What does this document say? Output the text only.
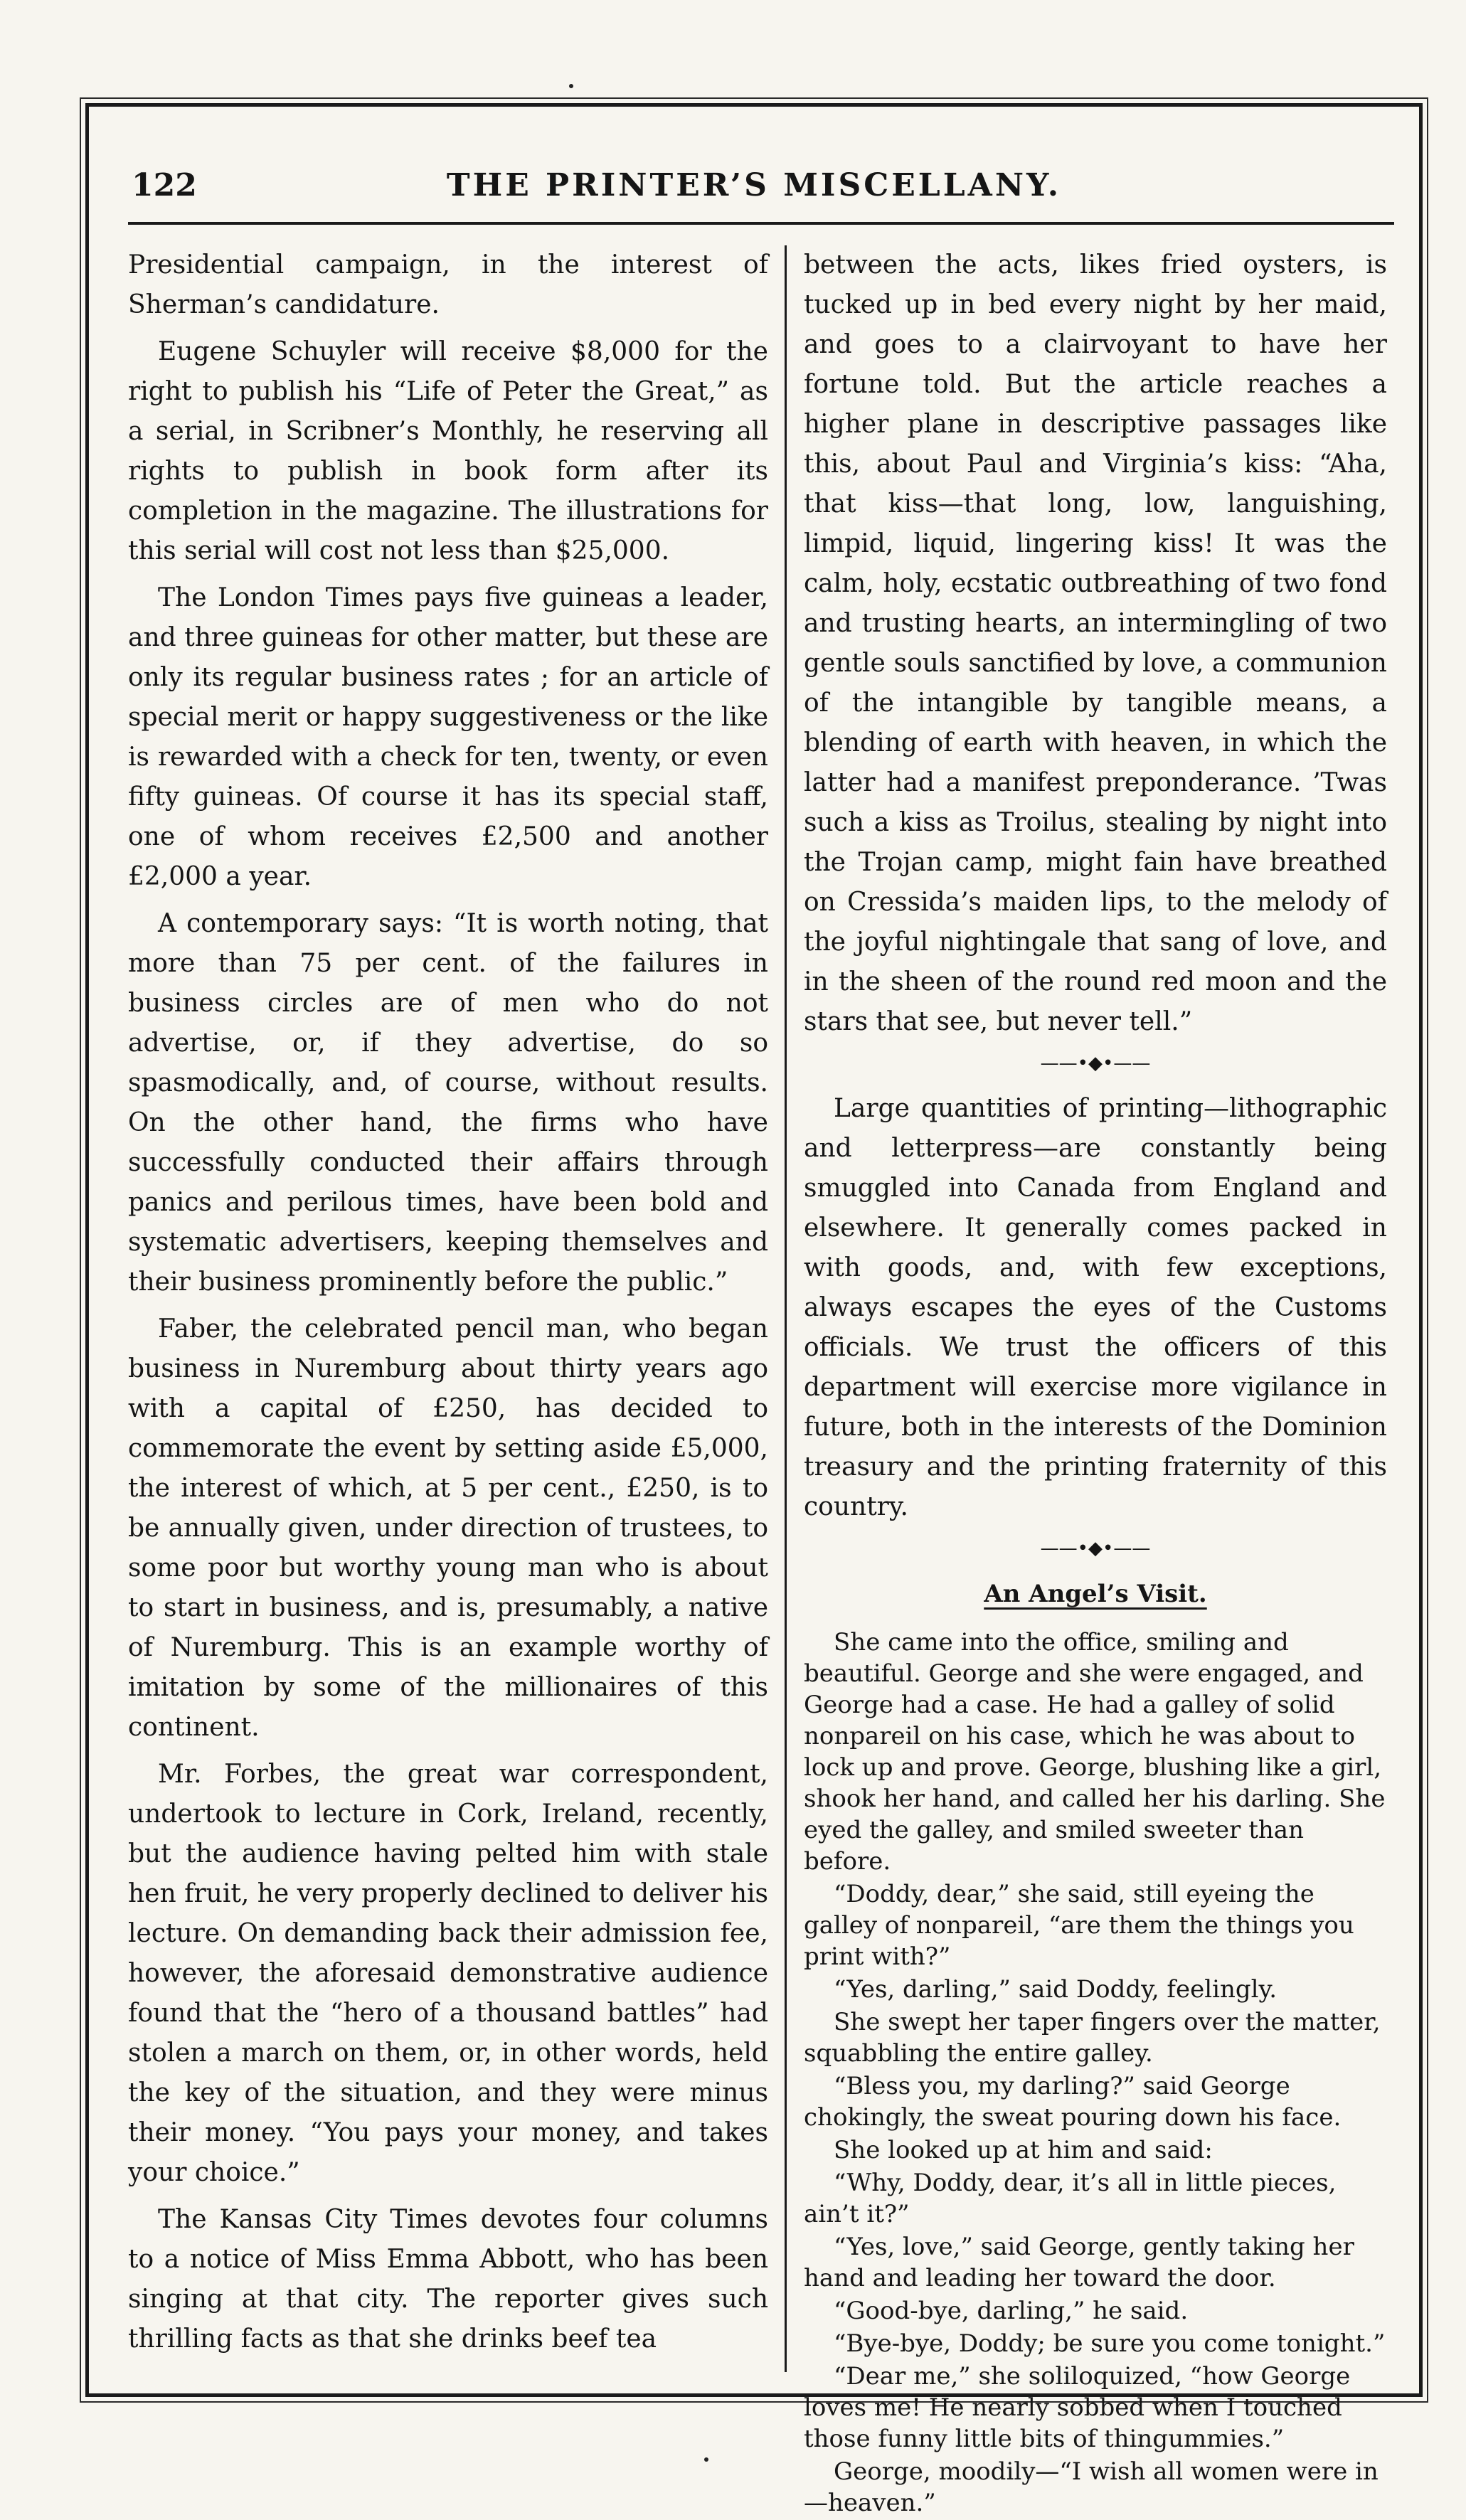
122	THE PRINTER’S MISCELLANY.

Presidential campaign, in the interest of Sherman’s candidature.

Eugene Schuyler will receive $8,000 for the right to publish his “Life of Peter the Great,” as a serial, in Scribner’s Monthly, he reserving all rights to publish in book form after its completion in the magazine. The illustrations for this serial will cost not less than $25,000.

The London Times pays five guineas a leader, and three guineas for other matter, but these are only its regular business rates ; for an article of special merit or happy suggestiveness or the like is rewarded with a check for ten, twenty, or even fifty guineas. Of course it has its special staff, one of whom receives £2,500 and another £2,000 a year.

A contemporary says: “It is worth noting, that more than 75 per cent. of the failures in business circles are of men who do not advertise, or, if they advertise, do so spasmodically, and, of course, without results. On the other hand, the firms who have successfully conducted their affairs through panics and perilous times, have been bold and systematic advertisers, keeping themselves and their business prominently before the public.”

Faber, the celebrated pencil man, who began business in Nuremburg about thirty years ago with a capital of £250, has decided to commemorate the event by setting aside £5,000, the interest of which, at 5 per cent., £250, is to be annually given, under direction of trustees, to some poor but worthy young man who is about to start in business, and is, presumably, a native of Nuremburg. This is an example worthy of imitation by some of the millionaires of this continent.

Mr. Forbes, the great war correspondent, undertook to lecture in Cork, Ireland, recently, but the audience having pelted him with stale hen fruit, he very properly declined to deliver his lecture. On demanding back their admission fee, however, the aforesaid demonstrative audience found that the “hero of a thousand battles” had stolen a march on them, or, in other words, held the key of the situation, and they were minus their money. “You pays your money, and takes your choice.”

The Kansas City Times devotes four columns to a notice of Miss Emma Abbott, who has been singing at that city. The reporter gives such thrilling facts as that she drinks beef tea

between the acts, likes fried oysters, is tucked up in bed every night by her maid, and goes to a clairvoyant to have her fortune told. But the article reaches a higher plane in descriptive passages like this, about Paul and Virginia’s kiss: “Aha, that kiss—that long, low, languishing, limpid, liquid, lingering kiss! It was the calm, holy, ecstatic outbreathing of two fond and trusting hearts, an intermingling of two gentle souls sanctified by love, a communion of the intangible by tangible means, a blending of earth with heaven, in which the latter had a manifest preponderance. ’Twas such a kiss as Troilus, stealing by night into the Trojan camp, might fain have breathed on Cressida’s maiden lips, to the melody of the joyful nightingale that sang of love, and in the sheen of the round red moon and the stars that see, but never tell.”

——•◆•——

Large quantities of printing—lithographic and letterpress—are constantly being smuggled into Canada from England and elsewhere. It generally comes packed in with goods, and, with few exceptions, always escapes the eyes of the Customs officials. We trust the officers of this department will exercise more vigilance in future, both in the interests of the Dominion treasury and the printing fraternity of this country.

——•◆•——
An Angel’s Visit.

She came into the office, smiling and beautiful. George and she were engaged, and George had a case. He had a galley of solid nonpareil on his case, which he was about to lock up and prove. George, blushing like a girl, shook her hand, and called her his darling. She eyed the galley, and smiled sweeter than before.

“Doddy, dear,” she said, still eyeing the galley of nonpareil, “are them the things you print with?”

“Yes, darling,” said Doddy, feelingly.

She swept her taper fingers over the matter, squabbling the entire galley.

“Bless you, my darling?” said George chokingly, the sweat pouring down his face.

She looked up at him and said:

“Why, Doddy, dear, it’s all in little pieces, ain’t it?”

“Yes, love,” said George, gently taking her hand and leading her toward the door.

“Good-bye, darling,” he said.

“Bye-bye, Doddy; be sure you come tonight.”

“Dear me,” she soliloquized, “how George loves me! He nearly sobbed when I touched those funny little bits of thingummies.”

George, moodily—“I wish all women were in—heaven.”
